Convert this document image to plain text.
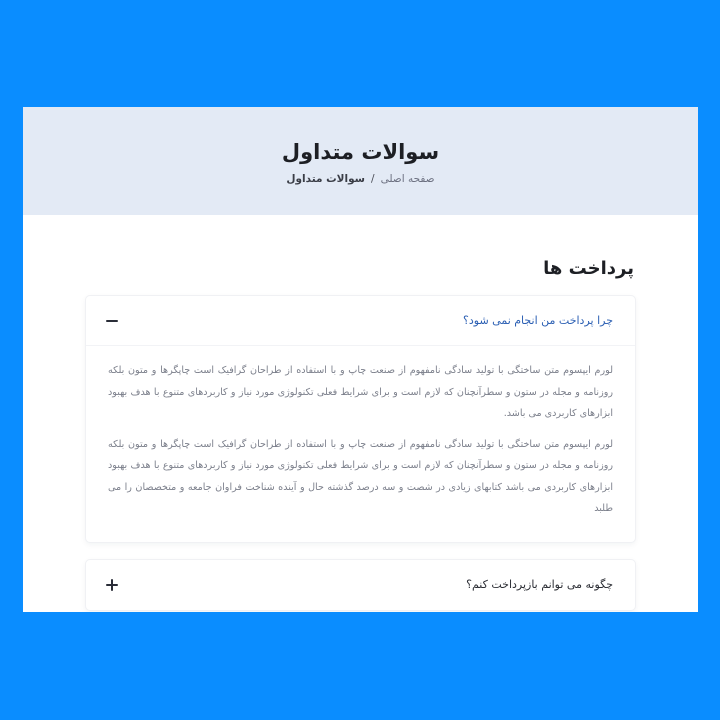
سوالات متداول
صفحه اصلی
/
سوالات متداول
پرداخت ها
چرا پرداخت من انجام نمی شود؟

لورم ایپسوم متن ساختگی با تولید سادگی نامفهوم از صنعت چاپ و با استفاده از طراحان گرافیک است چاپگرها و متون بلکه روزنامه و مجله در ستون و سطرآنچنان که لازم است و برای شرایط فعلی تکنولوژی مورد نیاز و کاربردهای متنوع با هدف بهبود ابزارهای کاربردی می باشد.

لورم ایپسوم متن ساختگی با تولید سادگی نامفهوم از صنعت چاپ و با استفاده از طراحان گرافیک است چاپگرها و متون بلکه روزنامه و مجله در ستون و سطرآنچنان که لازم است و برای شرایط فعلی تکنولوژی مورد نیاز و کاربردهای متنوع با هدف بهبود ابزارهای کاربردی می باشد کتابهای زیادی در شصت و سه درصد گذشته حال و آینده شناخت فراوان جامعه و متخصصان را می طلبد

چگونه می توانم بازپرداخت کنم؟
